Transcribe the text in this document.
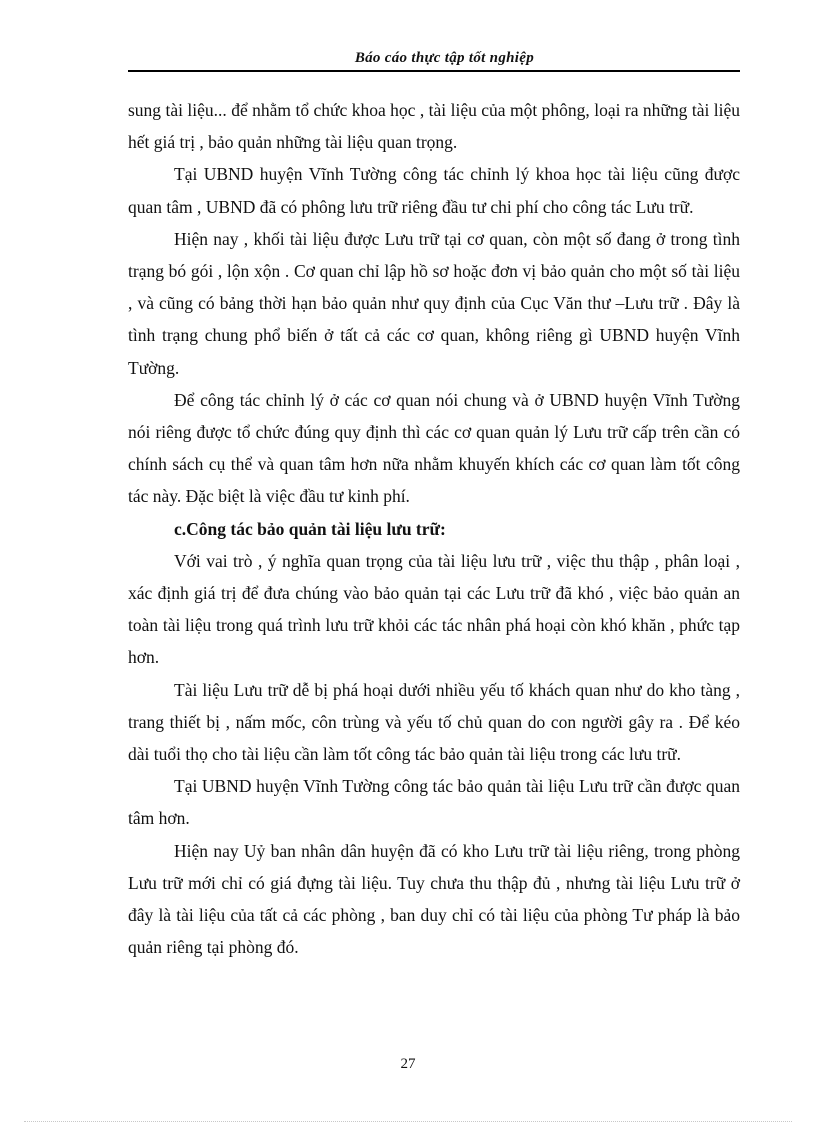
Báo cáo thực tập tốt nghiệp

sung tài liệu... để nhằm tổ chức khoa học , tài liệu của một phông, loại ra những tài liệu hết giá trị , bảo quản những tài liệu quan trọng.

Tại UBND huyện Vĩnh Tường công tác chỉnh lý khoa học tài liệu cũng được quan tâm , UBND đã có phông lưu trữ riêng đầu tư chi phí cho công tác Lưu trữ.

Hiện nay , khối tài liệu được Lưu trữ tại cơ quan, còn một số đang ở trong tình trạng bó gói , lộn xộn . Cơ quan chỉ lập hồ sơ hoặc đơn vị bảo quản cho một số tài liệu , và cũng có bảng thời hạn bảo quản như quy định của Cục Văn thư –Lưu trữ . Đây là tình trạng chung phổ biến ở tất cả các cơ quan, không riêng gì UBND huyện Vĩnh Tường.

Để công tác chỉnh lý ở các cơ quan nói chung và ở UBND huyện Vĩnh Tường nói riêng được tổ chức đúng quy định thì các cơ quan quản lý Lưu trữ cấp trên cần có chính sách cụ thể và quan tâm hơn nữa nhằm khuyến khích các cơ quan làm tốt công tác này. Đặc biệt là việc đầu tư kinh phí.

c.Công tác bảo quản tài liệu lưu trữ:

Với vai trò , ý nghĩa quan trọng của tài liệu lưu trữ , việc thu thập , phân loại , xác định giá trị để đưa chúng vào bảo quản tại các Lưu trữ đã khó , việc bảo quản an toàn tài liệu trong quá trình lưu trữ khỏi các tác nhân phá hoại còn khó khăn , phức tạp hơn.

Tài liệu Lưu trữ dễ bị phá hoại dưới nhiều yếu tố khách quan như do kho tàng , trang thiết bị , nấm mốc, côn trùng và yếu tố chủ quan do con người gây ra . Để kéo dài tuổi thọ cho tài liệu cần làm tốt công tác bảo quản tài liệu trong các lưu trữ.

Tại UBND huyện Vĩnh Tường công tác bảo quản tài liệu Lưu trữ cần được quan tâm hơn.

Hiện nay Uỷ ban nhân dân huyện đã có kho Lưu trữ tài liệu riêng, trong phòng Lưu trữ mới chỉ có giá đựng tài liệu. Tuy chưa thu thập đủ , nhưng tài liệu Lưu trữ ở đây là tài liệu của tất cả các phòng , ban duy chỉ có tài liệu của phòng Tư pháp là bảo quản riêng tại phòng đó.

27
